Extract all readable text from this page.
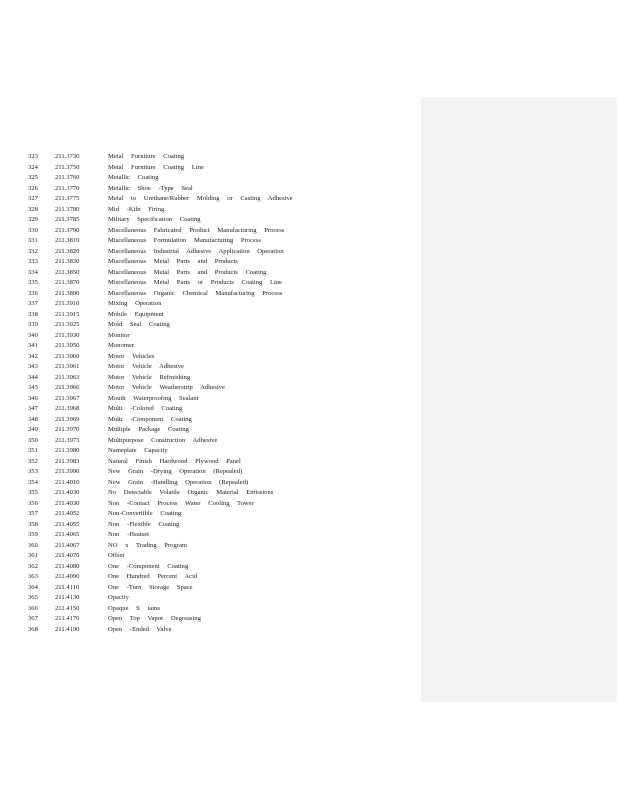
323	211.3730	Metal Furniture Coating
324	211.3750	Metal Furniture Coating Line
325	211.3760	Metallic Coating
326	211.3770	Metallic Shoe -Type Seal
327	211.3775	Metal to Urethane/Rubber Molding or Casting Adhesive
328	211.3780	Mid -Kiln Firing
329	211.3785	Military Specification Coating
330	211.3790	Miscellaneous Fabricated Product Manufacturing Process
331	211.3810	Miscellaneous Formulation Manufacturing Process
332	211.3820	Miscellaneous Industrial Adhesive Application Operation
333	211.3830	Miscellaneous Metal Parts and Products
334	211.3850	Miscellaneous Metal Parts and Products Coating
335	211.3870	Miscellaneous Metal Parts or Products Coating Line
336	211.3890	Miscellaneous Organic Chemical Manufacturing Process
337	211.3910	Mixing Operation
338	211.3915	Mobile Equipment
339	211.3925	Mold Seal Coating
340	211.3930	Monitor
341	211.3950	Monomer
342	211.3960	Motor Vehicles
343	211.3961	Motor Vehicle Adhesive
344	211.3963	Motor Vehicle Refinishing
345	211.3966	Motor Vehicle Weatherstrip Adhesive
346	211.3967	Mouth Waterproofing Sealant
347	211.3968	Multi -Colored Coating
348	211.3969	Multi -Component Coating
349	211.3970	Multiple Package Coating
350	211.3973	Multipurpose Construction Adhesive
351	211.3980	Nameplate Capacity
352	211.3983	Natural Finish Hardwood Plywood Panel
353	211.3990	New Grain -Drying Operation (Repealed)
354	211.4010	New Grain -Handling Operation (Repealed)
355	211.4030	No Detectable Volatile Organic Material Emissions
356	211.4030	Non -Contact Process Water Cooling Tower
357	211.4052	Non-Convertible Coating
358	211.4055	Non -Flexible Coating
359	211.4065	Non -Heatset
360	211.4067	NO x Trading Program
361	211.4070	Offset
362	211.4080	One -Component Coating
363	211.4090	One Hundred Percent Acid
364	211.4110	One -Turn Storage Space
365	211.4130	Opacity
366	211.4150	Opaque S tains
367	211.4170	Open Top Vapor Degreasing
368	211.4190	Open -Ended Valve
